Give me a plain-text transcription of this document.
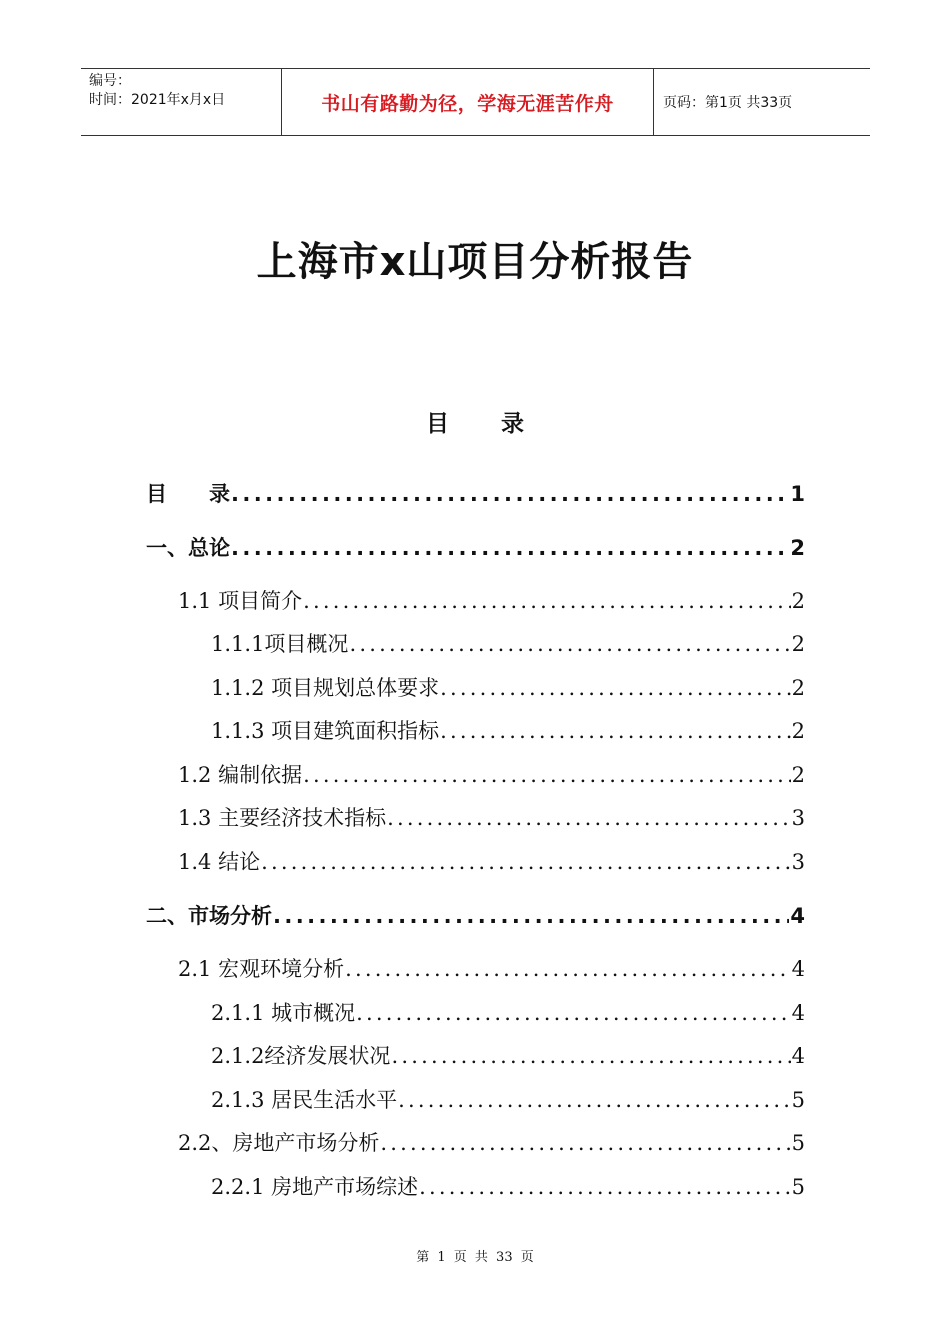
编号：
时间：2021年x月x日	书山有路勤为径，学海无涯苦作舟	页码：第1页 共33页
上海市x山项目分析报告
目 录
目　　录 .....	1
一、总论 .....	2
1.1 项目简介 .....	2
1.1.1项目概况 .....	2
1.1.2 项目规划总体要求 .....	2
1.1.3 项目建筑面积指标 .....	2
1.2 编制依据 .....	2
1.3 主要经济技术指标 .....	3
1.4 结论 .....	3
二、市场分析 .....	4
2.1 宏观环境分析 .....	4
2.1.1 城市概况 .....	4
2.1.2经济发展状况 .....	4
2.1.3 居民生活水平 .....	5
2.2、房地产市场分析 .....	5
2.2.1 房地产市场综述 .....	5
第 1 页 共 33 页
